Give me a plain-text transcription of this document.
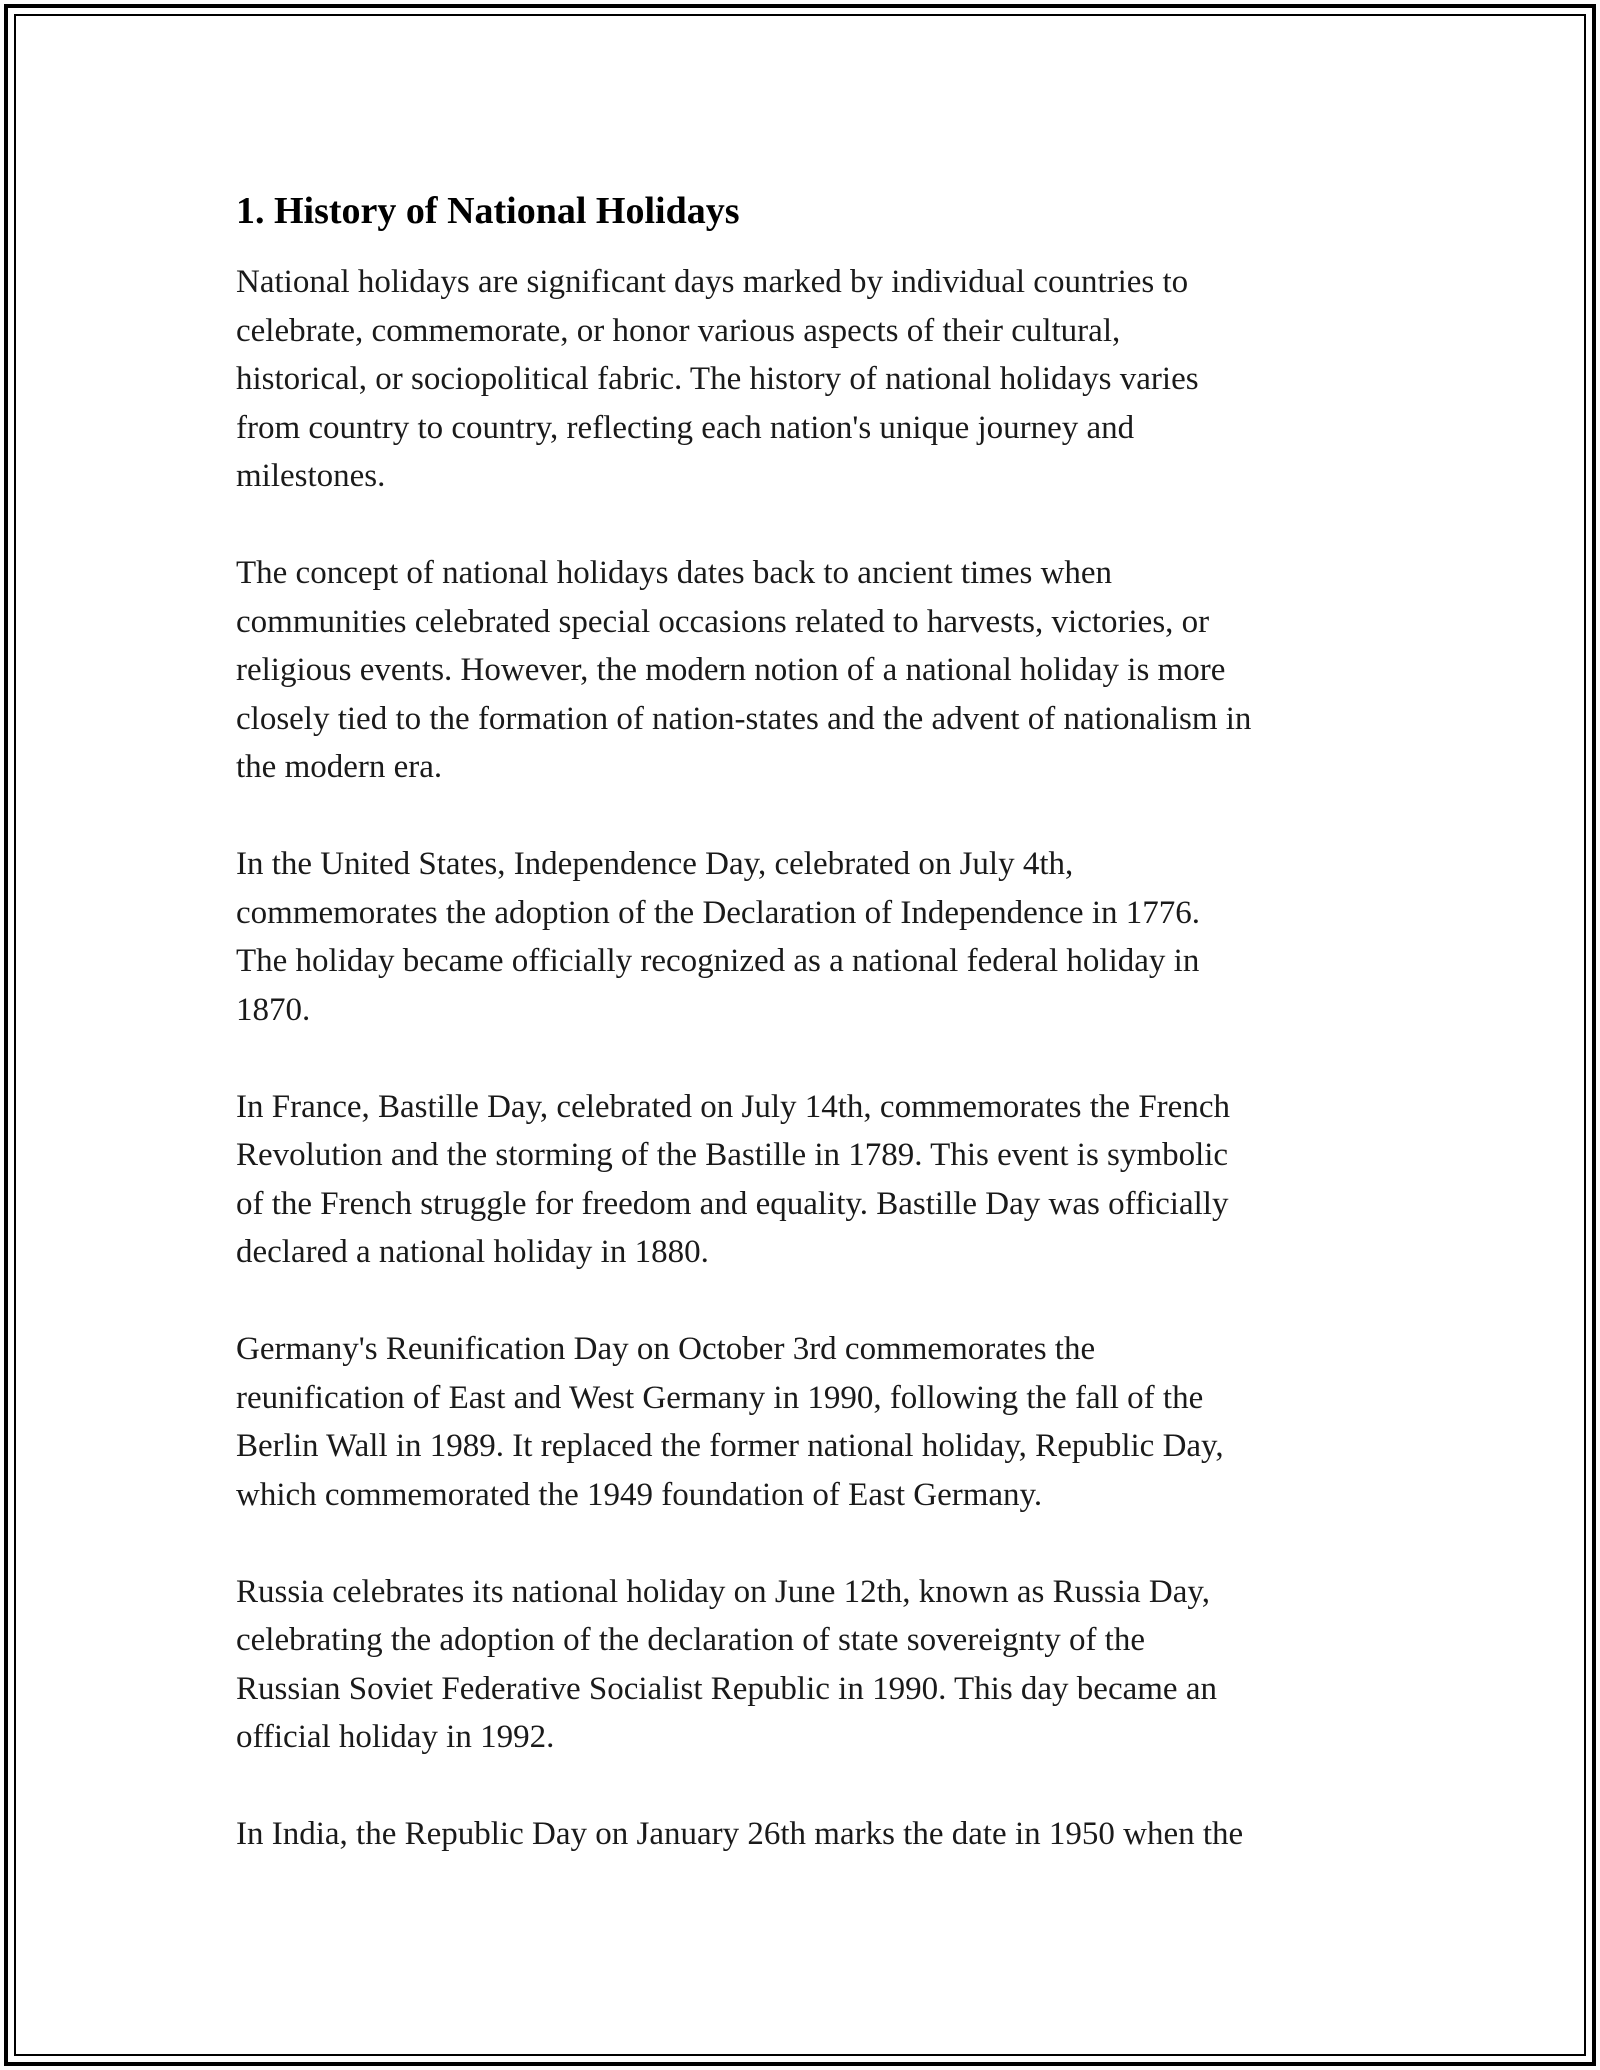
1. History of National Holidays
National holidays are significant days marked by individual countries to
celebrate, commemorate, or honor various aspects of their cultural,
historical, or sociopolitical fabric. The history of national holidays varies
from country to country, reflecting each nation's unique journey and
milestones.
The concept of national holidays dates back to ancient times when
communities celebrated special occasions related to harvests, victories, or
religious events. However, the modern notion of a national holiday is more
closely tied to the formation of nation-states and the advent of nationalism in
the modern era.
In the United States, Independence Day, celebrated on July 4th,
commemorates the adoption of the Declaration of Independence in 1776.
The holiday became officially recognized as a national federal holiday in
1870.
In France, Bastille Day, celebrated on July 14th, commemorates the French
Revolution and the storming of the Bastille in 1789. This event is symbolic
of the French struggle for freedom and equality. Bastille Day was officially
declared a national holiday in 1880.
Germany's Reunification Day on October 3rd commemorates the
reunification of East and West Germany in 1990, following the fall of the
Berlin Wall in 1989. It replaced the former national holiday, Republic Day,
which commemorated the 1949 foundation of East Germany.
Russia celebrates its national holiday on June 12th, known as Russia Day,
celebrating the adoption of the declaration of state sovereignty of the
Russian Soviet Federative Socialist Republic in 1990. This day became an
official holiday in 1992.
In India, the Republic Day on January 26th marks the date in 1950 when the
